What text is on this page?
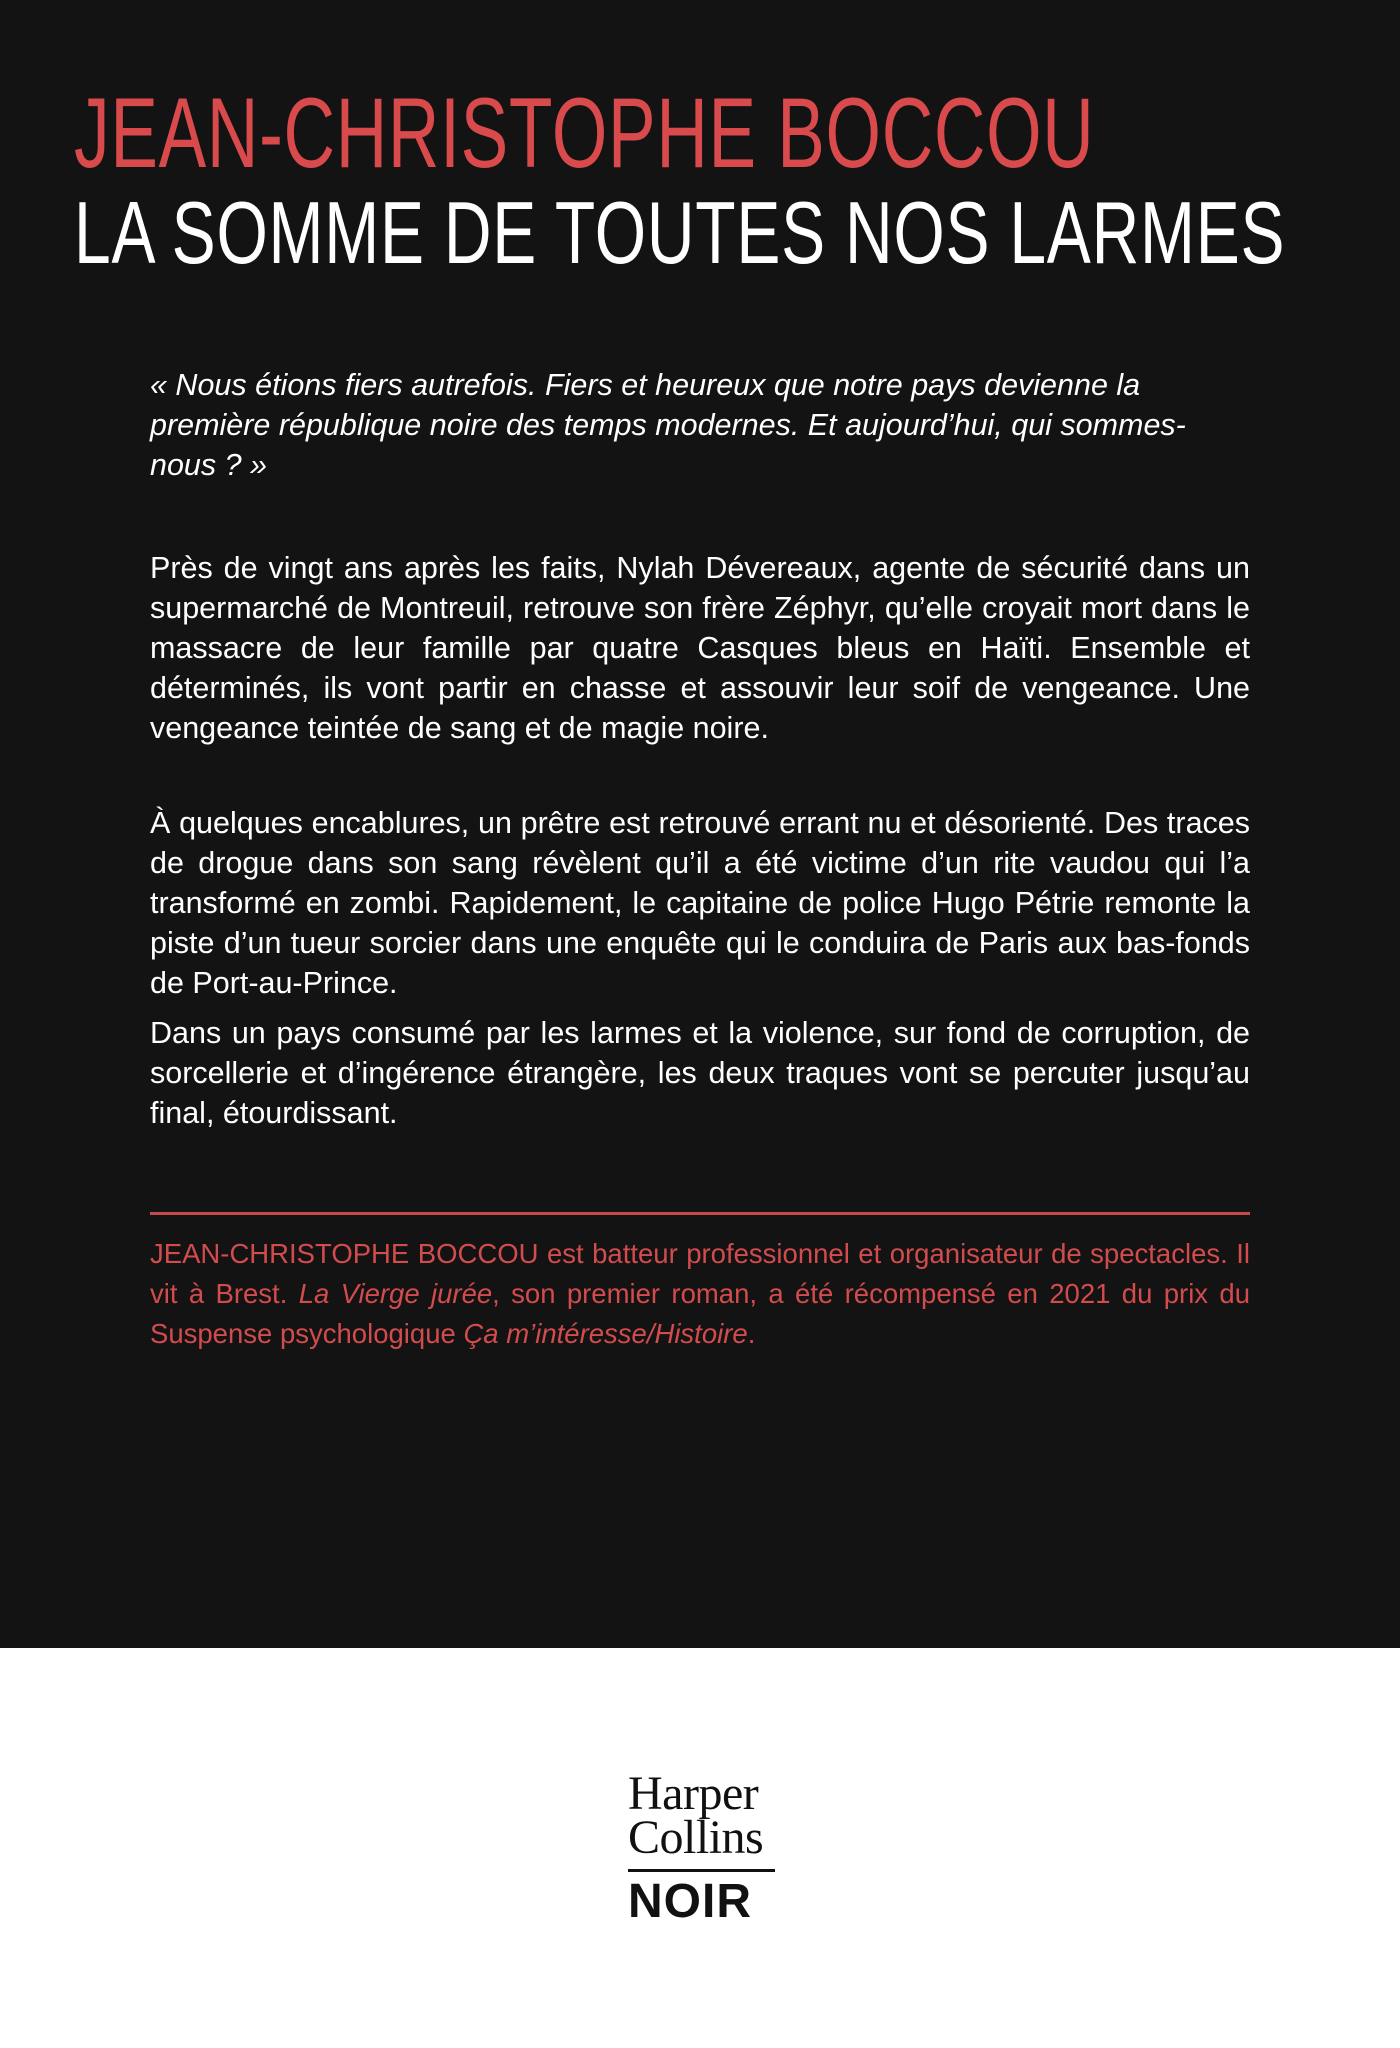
JEAN-CHRISTOPHE BOCCOU
LA SOMME DE TOUTES NOS LARMES

« Nous étions fiers autrefois. Fiers et heureux que notre pays devienne la première république noire des temps modernes. Et aujourd’hui, qui sommes-nous ? »

Près de vingt ans après les faits, Nylah Dévereaux, agente de sécurité dans un supermarché de Montreuil, retrouve son frère Zéphyr, qu’elle croyait mort dans le massacre de leur famille par quatre Casques bleus en Haïti. Ensemble et déterminés, ils vont partir en chasse et assouvir leur soif de vengeance. Une vengeance teintée de sang et de magie noire.

À quelques encablures, un prêtre est retrouvé errant nu et désorienté. Des traces de drogue dans son sang révèlent qu’il a été victime d’un rite vaudou qui l’a transformé en zombi. Rapidement, le capitaine de police Hugo Pétrie remonte la piste d’un tueur sorcier dans une enquête qui le conduira de Paris aux bas-fonds de Port-au-Prince.

Dans un pays consumé par les larmes et la violence, sur fond de corruption, de sorcellerie et d’ingérence étrangère, les deux traques vont se percuter jusqu’au final, étourdissant.

JEAN-CHRISTOPHE BOCCOU est batteur professionnel et organisateur de spectacles. Il vit à Brest. La Vierge jurée, son premier roman, a été récompensé en 2021 du prix du Suspense psychologique Ça m’intéresse/Histoire.

Harper
Collins
NOIR
